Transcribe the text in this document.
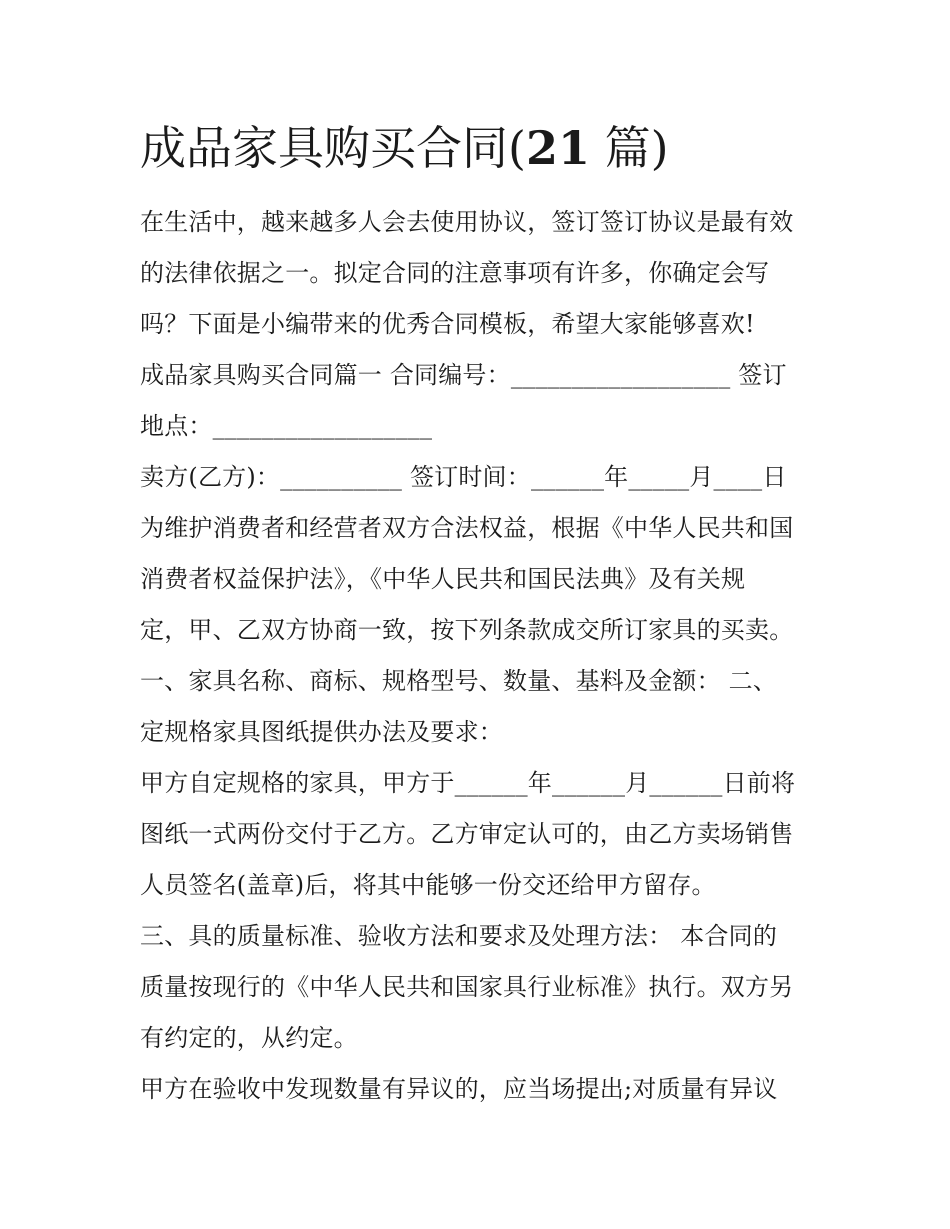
成品家具购买合同(21 篇)

在生活中，越来越多人会去使用协议，签订签订协议是最有效

的法律依据之一。拟定合同的注意事项有许多，你确定会写

吗？下面是小编带来的优秀合同模板，希望大家能够喜欢!

成品家具购买合同篇一 合同编号：__________________ 签订

地点：__________________

卖方(乙方)：__________ 签订时间：______年_____月____日

为维护消费者和经营者双方合法权益，根据《中华人民共和国

消费者权益保护法》，《中华人民共和国民法典》及有关规

定，甲、乙双方协商一致，按下列条款成交所订家具的买卖。

一、家具名称、商标、规格型号、数量、基料及金额： 二、

定规格家具图纸提供办法及要求：

甲方自定规格的家具，甲方于______年______月______日前将

图纸一式两份交付于乙方。乙方审定认可的，由乙方卖场销售

人员签名(盖章)后，将其中能够一份交还给甲方留存。

三、具的质量标准、验收方法和要求及处理方法： 本合同的

质量按现行的《中华人民共和国家具行业标准》执行。双方另

有约定的，从约定。

甲方在验收中发现数量有异议的，应当场提出;对质量有异议
